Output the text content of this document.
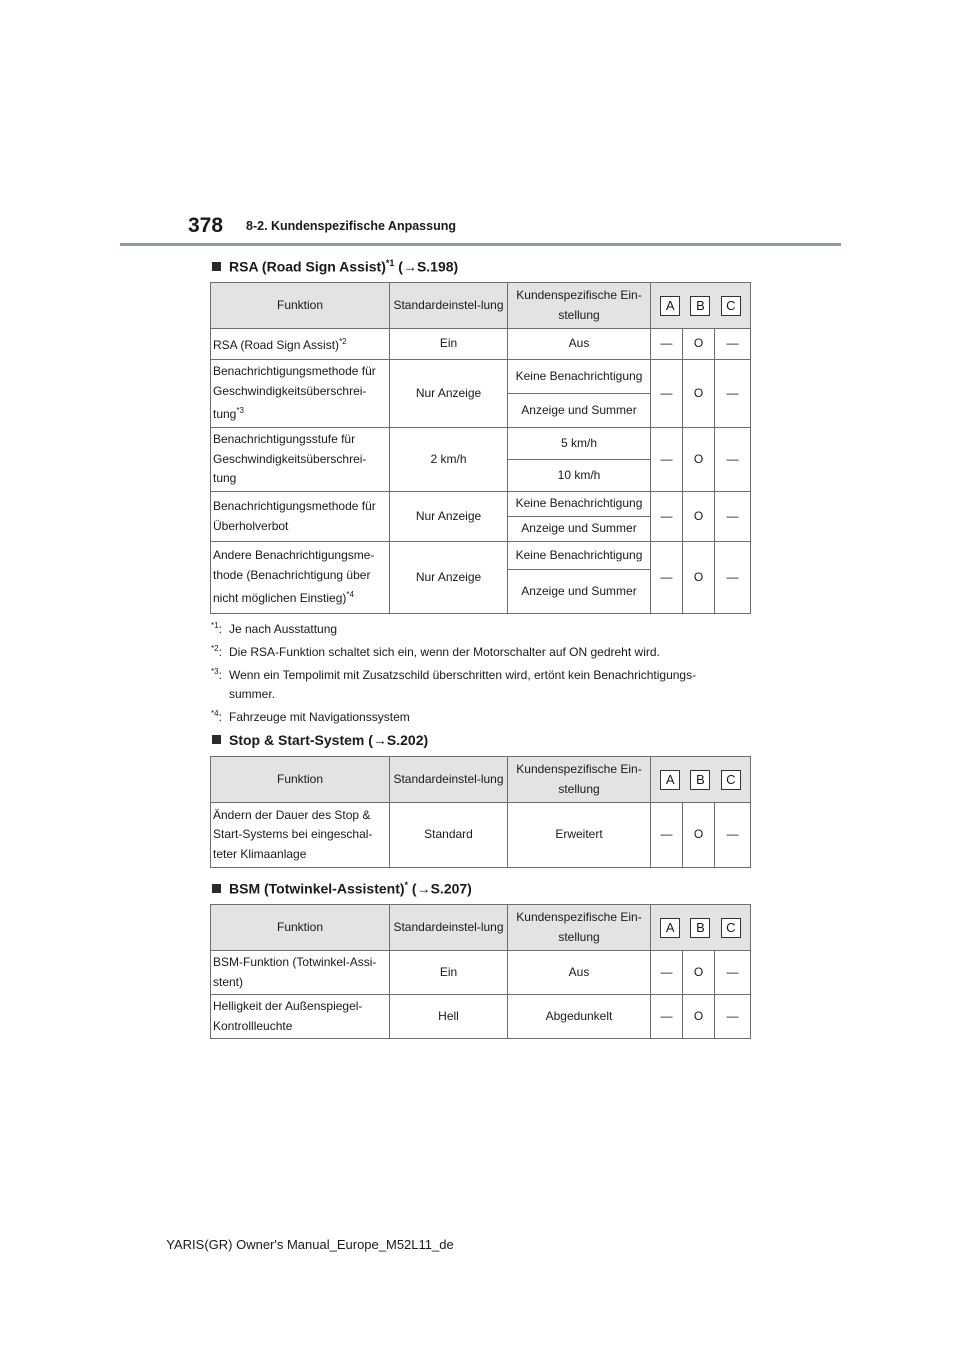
378 8-2. Kundenspezifische Anpassung
RSA (Road Sign Assist)$^{*1}$ (→S.198)
Funktion	Standardeinstel-lung	Kundenspezifische Ein-stellung	A B C		

RSA (Road Sign Assist)$^{*2}$	Ein	Aus	—	O	—
Benachrichtigungsmethode für Geschwindigkeitsüberschrei-tung$^{*3}$	Nur Anzeige	Keine Benachrichtigung	—	O	—
		Anzeige und Summer			
Benachrichtigungsstufe für Geschwindigkeitsüberschrei-tung	2 km/h	5 km/h	—	O	—
		10 km/h			
Benachrichtigungsmethode für Überholverbot	Nur Anzeige	Keine Benachrichtigung	—	O	—
		Anzeige und Summer			
Andere Benachrichtigungsme-thode (Benachrichtigung über nicht möglichen Einstieg)$^{*4}$	Nur Anzeige	Keine Benachrichtigung	—	O	—
		Anzeige und Summer			
$^{*1}$: Je nach Ausstattung
$^{*2}$: Die RSA-Funktion schaltet sich ein, wenn der Motorschalter auf ON gedreht wird.
$^{*3}$: Wenn ein Tempolimit mit Zusatzschild überschritten wird, ertönt kein Benachrichtigungs-
summer.
$^{*4}$: Fahrzeuge mit Navigationssystem
Stop & Start-System (→S.202)
Funktion	Standardeinstel-lung	Kundenspezifische Ein-stellung	A B C		

Ändern der Dauer des Stop & Start-Systems bei eingeschal-teter Klimaanlage	Standard	Erweitert	—	O	—
BSM (Totwinkel-Assistent)* (→S.207)
Funktion	Standardeinstel-lung	Kundenspezifische Ein-stellung	A B C		

BSM-Funktion (Totwinkel-Assi-stent)	Ein	Aus	—	O	—
Helligkeit der Außenspiegel-Kontrollleuchte	Hell	Abgedunkelt	—	O	—
YARIS(GR) Owner's Manual_Europe_M52L11_de
